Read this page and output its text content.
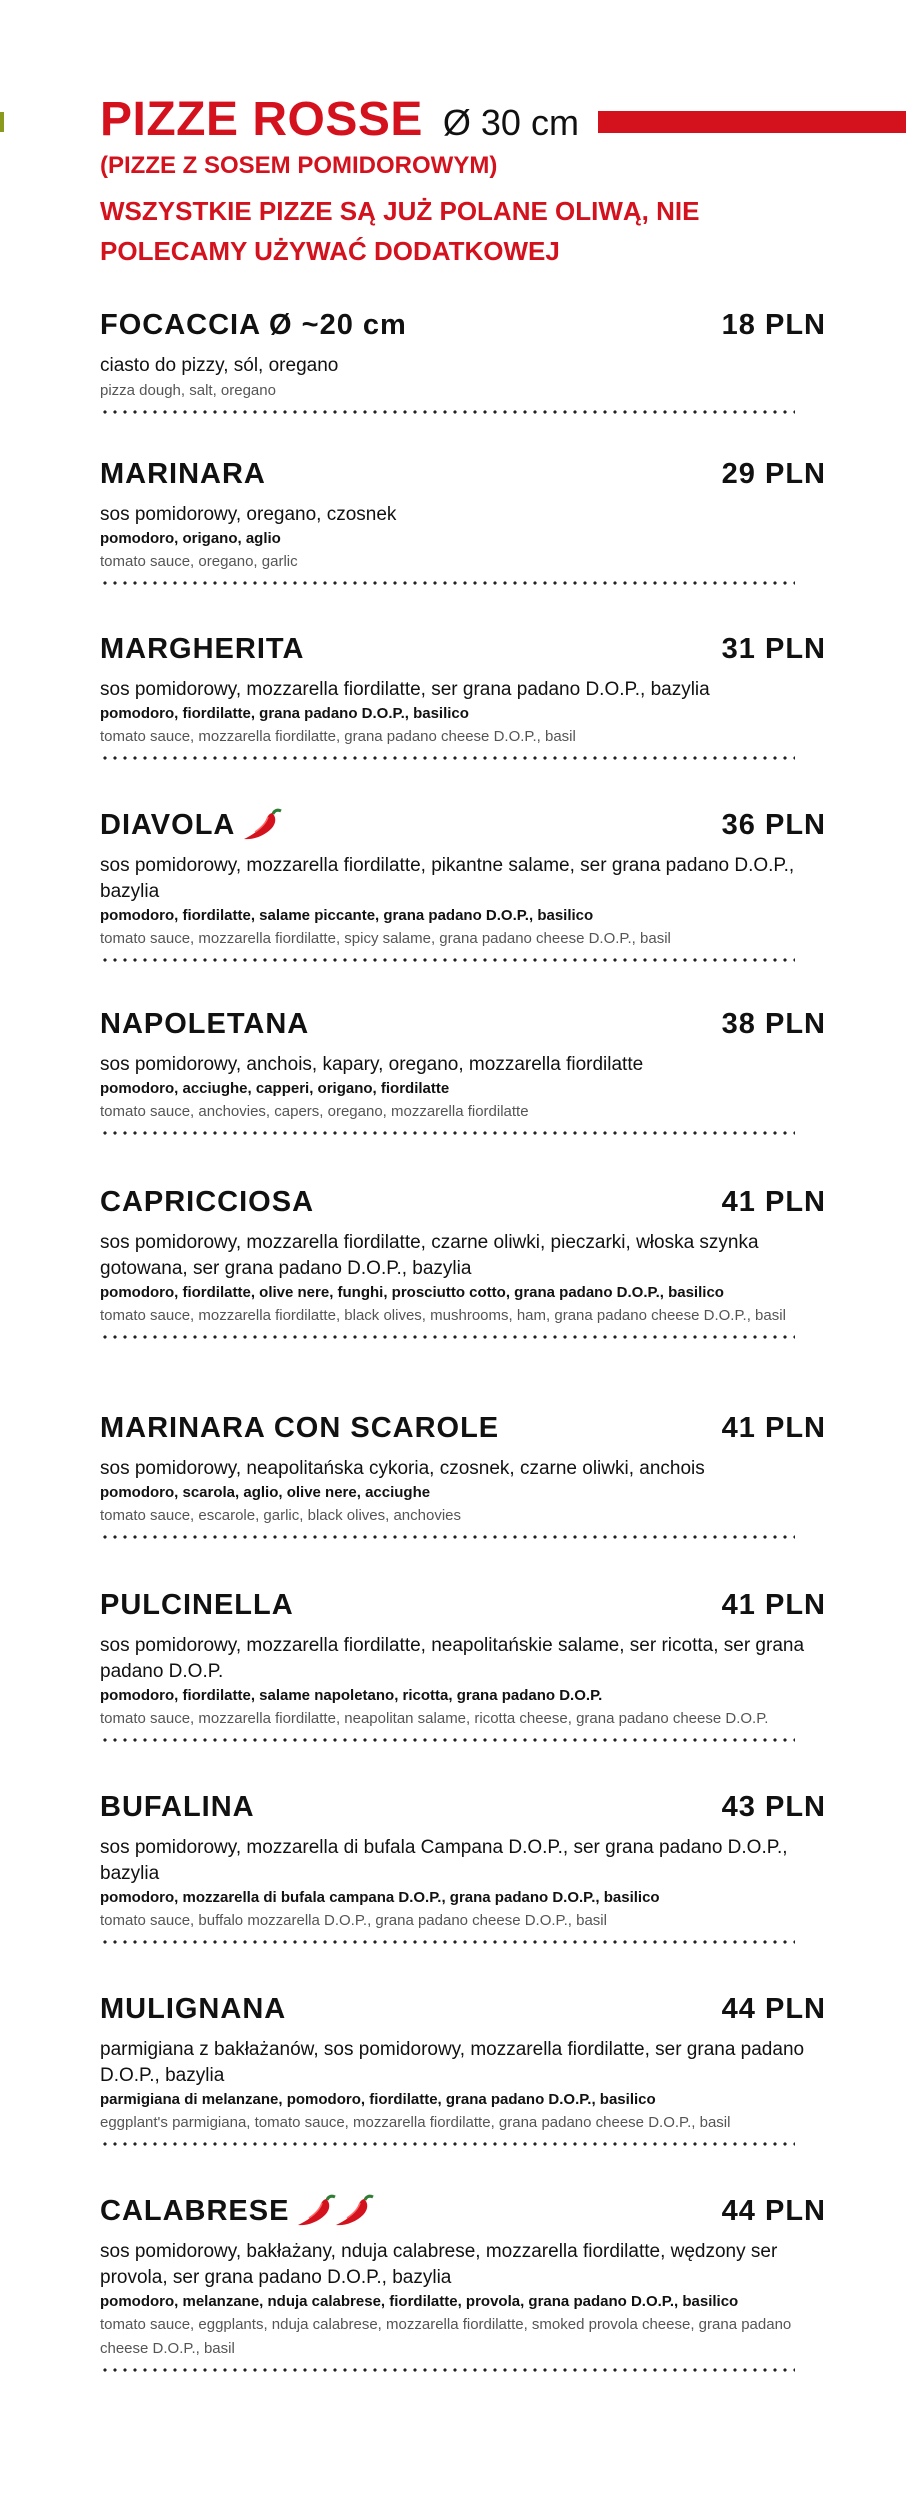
PIZZE ROSSE Ø 30 cm
(PIZZE Z SOSEM POMIDOROWYM)
WSZYSTKIE PIZZE SĄ JUŻ POLANE OLIWĄ, NIE POLECAMY UŻYWAĆ DODATKOWEJ
FOCACCIA Ø ~20 cm	18 PLN
ciasto do pizzy, sól, oregano
pizza dough, salt, oregano
MARINARA	29 PLN
sos pomidorowy, oregano, czosnek
pomodoro, origano, aglio
tomato sauce, oregano, garlic
MARGHERITA	31 PLN
sos pomidorowy, mozzarella fiordilatte, ser grana padano D.O.P., bazylia
pomodoro, fiordilatte, grana padano D.O.P., basilico
tomato sauce, mozzarella fiordilatte, grana padano cheese D.O.P., basil
DIAVOLA	36 PLN
sos pomidorowy, mozzarella fiordilatte, pikantne salame, ser grana padano D.O.P., bazylia
pomodoro, fiordilatte, salame piccante, grana padano D.O.P., basilico
tomato sauce, mozzarella fiordilatte, spicy salame, grana padano cheese D.O.P., basil
NAPOLETANA	38 PLN
sos pomidorowy, anchois, kapary, oregano, mozzarella fiordilatte
pomodoro, acciughe, capperi, origano, fiordilatte
tomato sauce, anchovies, capers, oregano, mozzarella fiordilatte
CAPRICCIOSA	41 PLN
sos pomidorowy, mozzarella fiordilatte, czarne oliwki, pieczarki, włoska szynka gotowana, ser grana padano D.O.P., bazylia
pomodoro, fiordilatte, olive nere, funghi, prosciutto cotto, grana padano D.O.P., basilico
tomato sauce, mozzarella fiordilatte, black olives, mushrooms, ham, grana padano cheese D.O.P., basil
MARINARA CON SCAROLE	41 PLN
sos pomidorowy, neapolitańska cykoria, czosnek, czarne oliwki, anchois
pomodoro, scarola, aglio, olive nere, acciughe
tomato sauce, escarole, garlic, black olives, anchovies
PULCINELLA	41 PLN
sos pomidorowy, mozzarella fiordilatte, neapolitańskie salame, ser ricotta, ser grana padano D.O.P.
pomodoro, fiordilatte, salame napoletano, ricotta, grana padano D.O.P.
tomato sauce, mozzarella fiordilatte, neapolitan salame, ricotta cheese, grana padano cheese D.O.P.
BUFALINA	43 PLN
sos pomidorowy, mozzarella di bufala Campana D.O.P., ser grana padano D.O.P., bazylia
pomodoro, mozzarella di bufala campana D.O.P., grana padano D.O.P., basilico
tomato sauce, buffalo mozzarella D.O.P., grana padano cheese D.O.P., basil
MULIGNANA	44 PLN
parmigiana z bakłażanów, sos pomidorowy, mozzarella fiordilatte, ser grana padano D.O.P., bazylia
parmigiana di melanzane, pomodoro, fiordilatte, grana padano D.O.P., basilico
eggplant's parmigiana, tomato sauce, mozzarella fiordilatte, grana padano cheese D.O.P., basil
CALABRESE	44 PLN
sos pomidorowy, bakłażany, nduja calabrese, mozzarella fiordilatte, wędzony ser provola, ser grana padano D.O.P., bazylia
pomodoro, melanzane, nduja calabrese, fiordilatte, provola, grana padano D.O.P., basilico
tomato sauce, eggplants, nduja calabrese, mozzarella fiordilatte, smoked provola cheese, grana padano cheese D.O.P., basil
